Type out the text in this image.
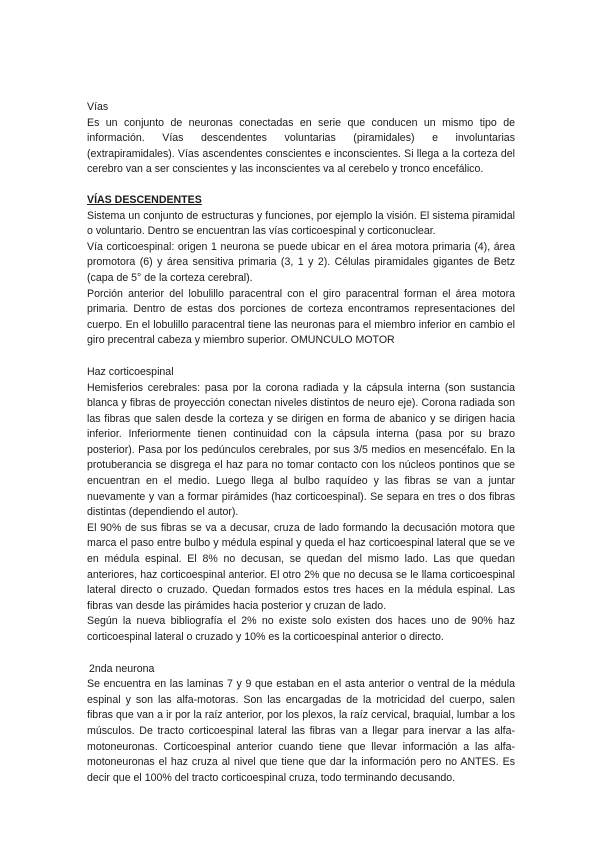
Vías

Es un conjunto de neuronas conectadas en serie que conducen un mismo tipo de información. Vías descendentes voluntarias (piramidales) e involuntarias (extrapiramidales). Vías ascendentes conscientes e inconscientes. Si llega a la corteza del cerebro van a ser conscientes y las inconscientes va al cerebelo y tronco encefálico.

VÍAS DESCENDENTES

Sistema un conjunto de estructuras y funciones, por ejemplo la visión. El sistema piramidal o voluntario. Dentro se encuentran las vías corticoespinal y corticonuclear.

Vía corticoespinal: origen 1 neurona se puede ubicar en el área motora primaria (4), área promotora (6) y área sensitiva primaria (3, 1 y 2). Células piramidales gigantes de Betz (capa de 5° de la corteza cerebral).

Porción anterior del lobulillo paracentral con el giro paracentral forman el área motora primaria. Dentro de estas dos porciones de corteza encontramos representaciones del cuerpo. En el lobulillo paracentral tiene las neuronas para el miembro inferior en cambio el giro precentral cabeza y miembro superior. OMUNCULO MOTOR

Haz corticoespinal

Hemisferios cerebrales: pasa por la corona radiada y la cápsula interna (son sustancia blanca y fibras de proyección conectan niveles distintos de neuro eje). Corona radiada son las fibras que salen desde la corteza y se dirigen en forma de abanico y se dirigen hacia inferior. Inferiormente tienen continuidad con la cápsula interna (pasa por su brazo posterior). Pasa por los pedúnculos cerebrales, por sus 3/5 medios en mesencéfalo. En la protuberancia se disgrega el haz para no tomar contacto con los núcleos pontinos que se encuentran en el medio. Luego llega al bulbo raquídeo y las fibras se van a juntar nuevamente y van a formar pirámides (haz corticoespinal). Se separa en tres o dos fibras distintas (dependiendo el autor).

El 90% de sus fibras se va a decusar, cruza de lado formando la decusación motora que marca el paso entre bulbo y médula espinal y queda el haz corticoespinal lateral que se ve en médula espinal. El 8% no decusan, se quedan del mismo lado. Las que quedan anteriores, haz corticoespinal anterior. El otro 2% que no decusa se le llama corticoespinal lateral directo o cruzado. Quedan formados estos tres haces en la médula espinal. Las fibras van desde las pirámides hacia posterior y cruzan de lado.

Según la nueva bibliografía el 2% no existe solo existen dos haces uno de 90% haz corticoespinal lateral o cruzado y 10% es la corticoespinal anterior o directo.

2nda neurona

Se encuentra en las laminas 7 y 9 que estaban en el asta anterior o ventral de la médula espinal y son las alfa-motoras. Son las encargadas de la motricidad del cuerpo, salen fibras que van a ir por la raíz anterior, por los plexos, la raíz cervical, braquial, lumbar a los músculos. De tracto corticoespinal lateral las fibras van a llegar para inervar a las alfa-motoneuronas. Corticoespinal anterior cuando tiene que llevar información a las alfa-motoneuronas el haz cruza al nivel que tiene que dar la información pero no ANTES. Es decir que el 100% del tracto corticoespinal cruza, todo terminando decusando.
